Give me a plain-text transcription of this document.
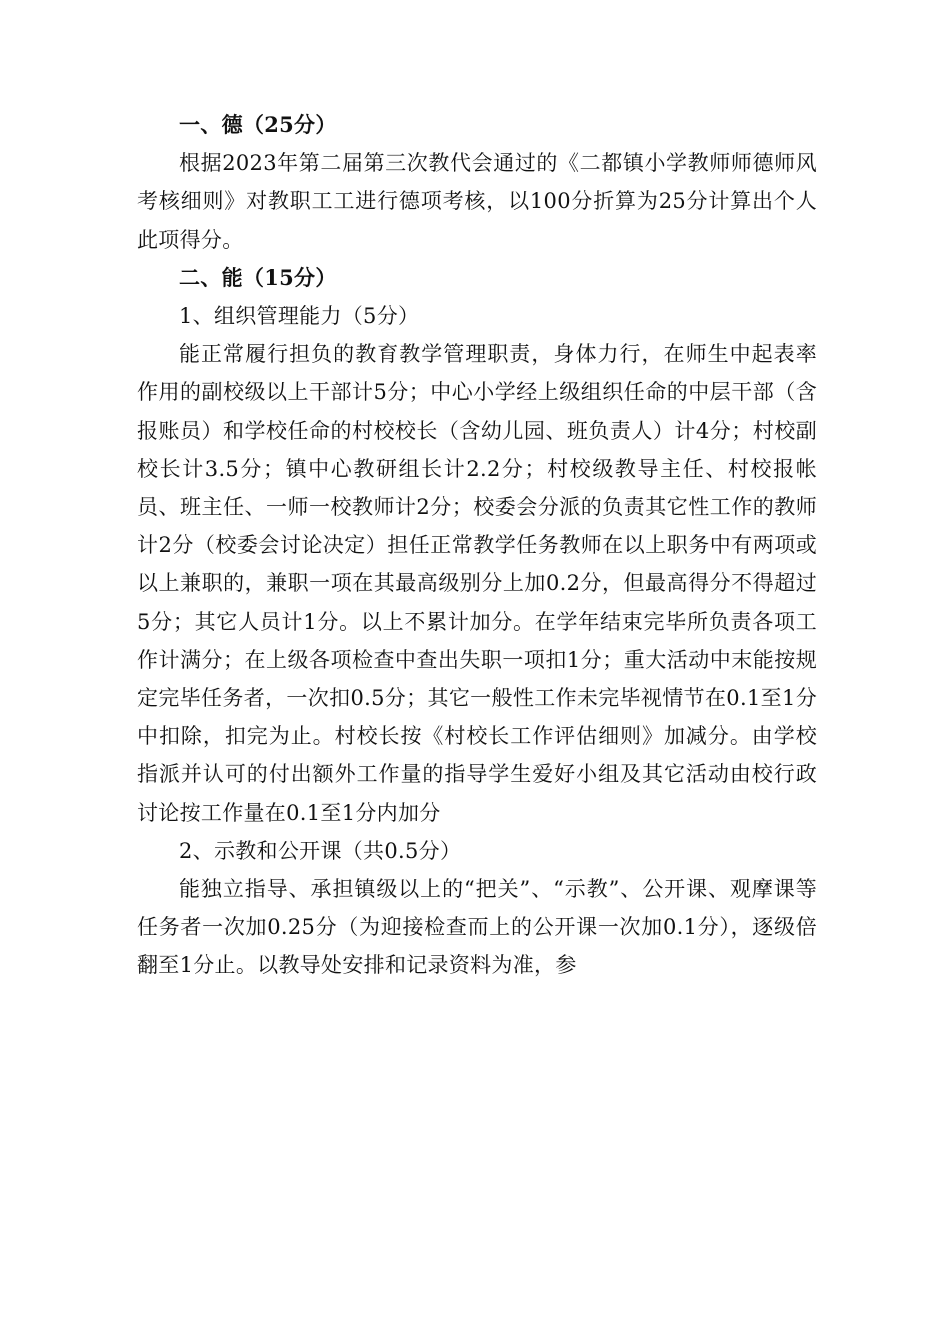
一、德（25分）

根据2023年第二届第三次教代会通过的《二都镇小学教师师德师风考核细则》对教职工工进行德项考核，以100分折算为25分计算出个人此项得分。

二、能（15分）

1、组织管理能力（5分）

能正常履行担负的教育教学管理职责，身体力行，在师生中起表率作用的副校级以上干部计5分；中心小学经上级组织任命的中层干部（含报账员）和学校任命的村校校长（含幼儿园、班负责人）计4分；村校副校长计3.5分；镇中心教研组长计2.2分；村校级教导主任、村校报帐员、班主任、一师一校教师计2分；校委会分派的负责其它性工作的教师计2分（校委会讨论决定）担任正常教学任务教师在以上职务中有两项或以上兼职的，兼职一项在其最高级别分上加0.2分，但最高得分不得超过5分；其它人员计1分。以上不累计加分。在学年结束完毕所负责各项工作计满分；在上级各项检查中查出失职一项扣1分；重大活动中末能按规定完毕任务者，一次扣0.5分；其它一般性工作未完毕视情节在0.1至1分中扣除，扣完为止。村校长按《村校长工作评估细则》加减分。由学校指派并认可的付出额外工作量的指导学生爱好小组及其它活动由校行政讨论按工作量在0.1至1分内加分

2、示教和公开课（共0.5分）

能独立指导、承担镇级以上的“把关”、“示教”、公开课、观摩课等任务者一次加0.25分（为迎接检查而上的公开课一次加0.1分），逐级倍翻至1分止。以教导处安排和记录资料为准，参
